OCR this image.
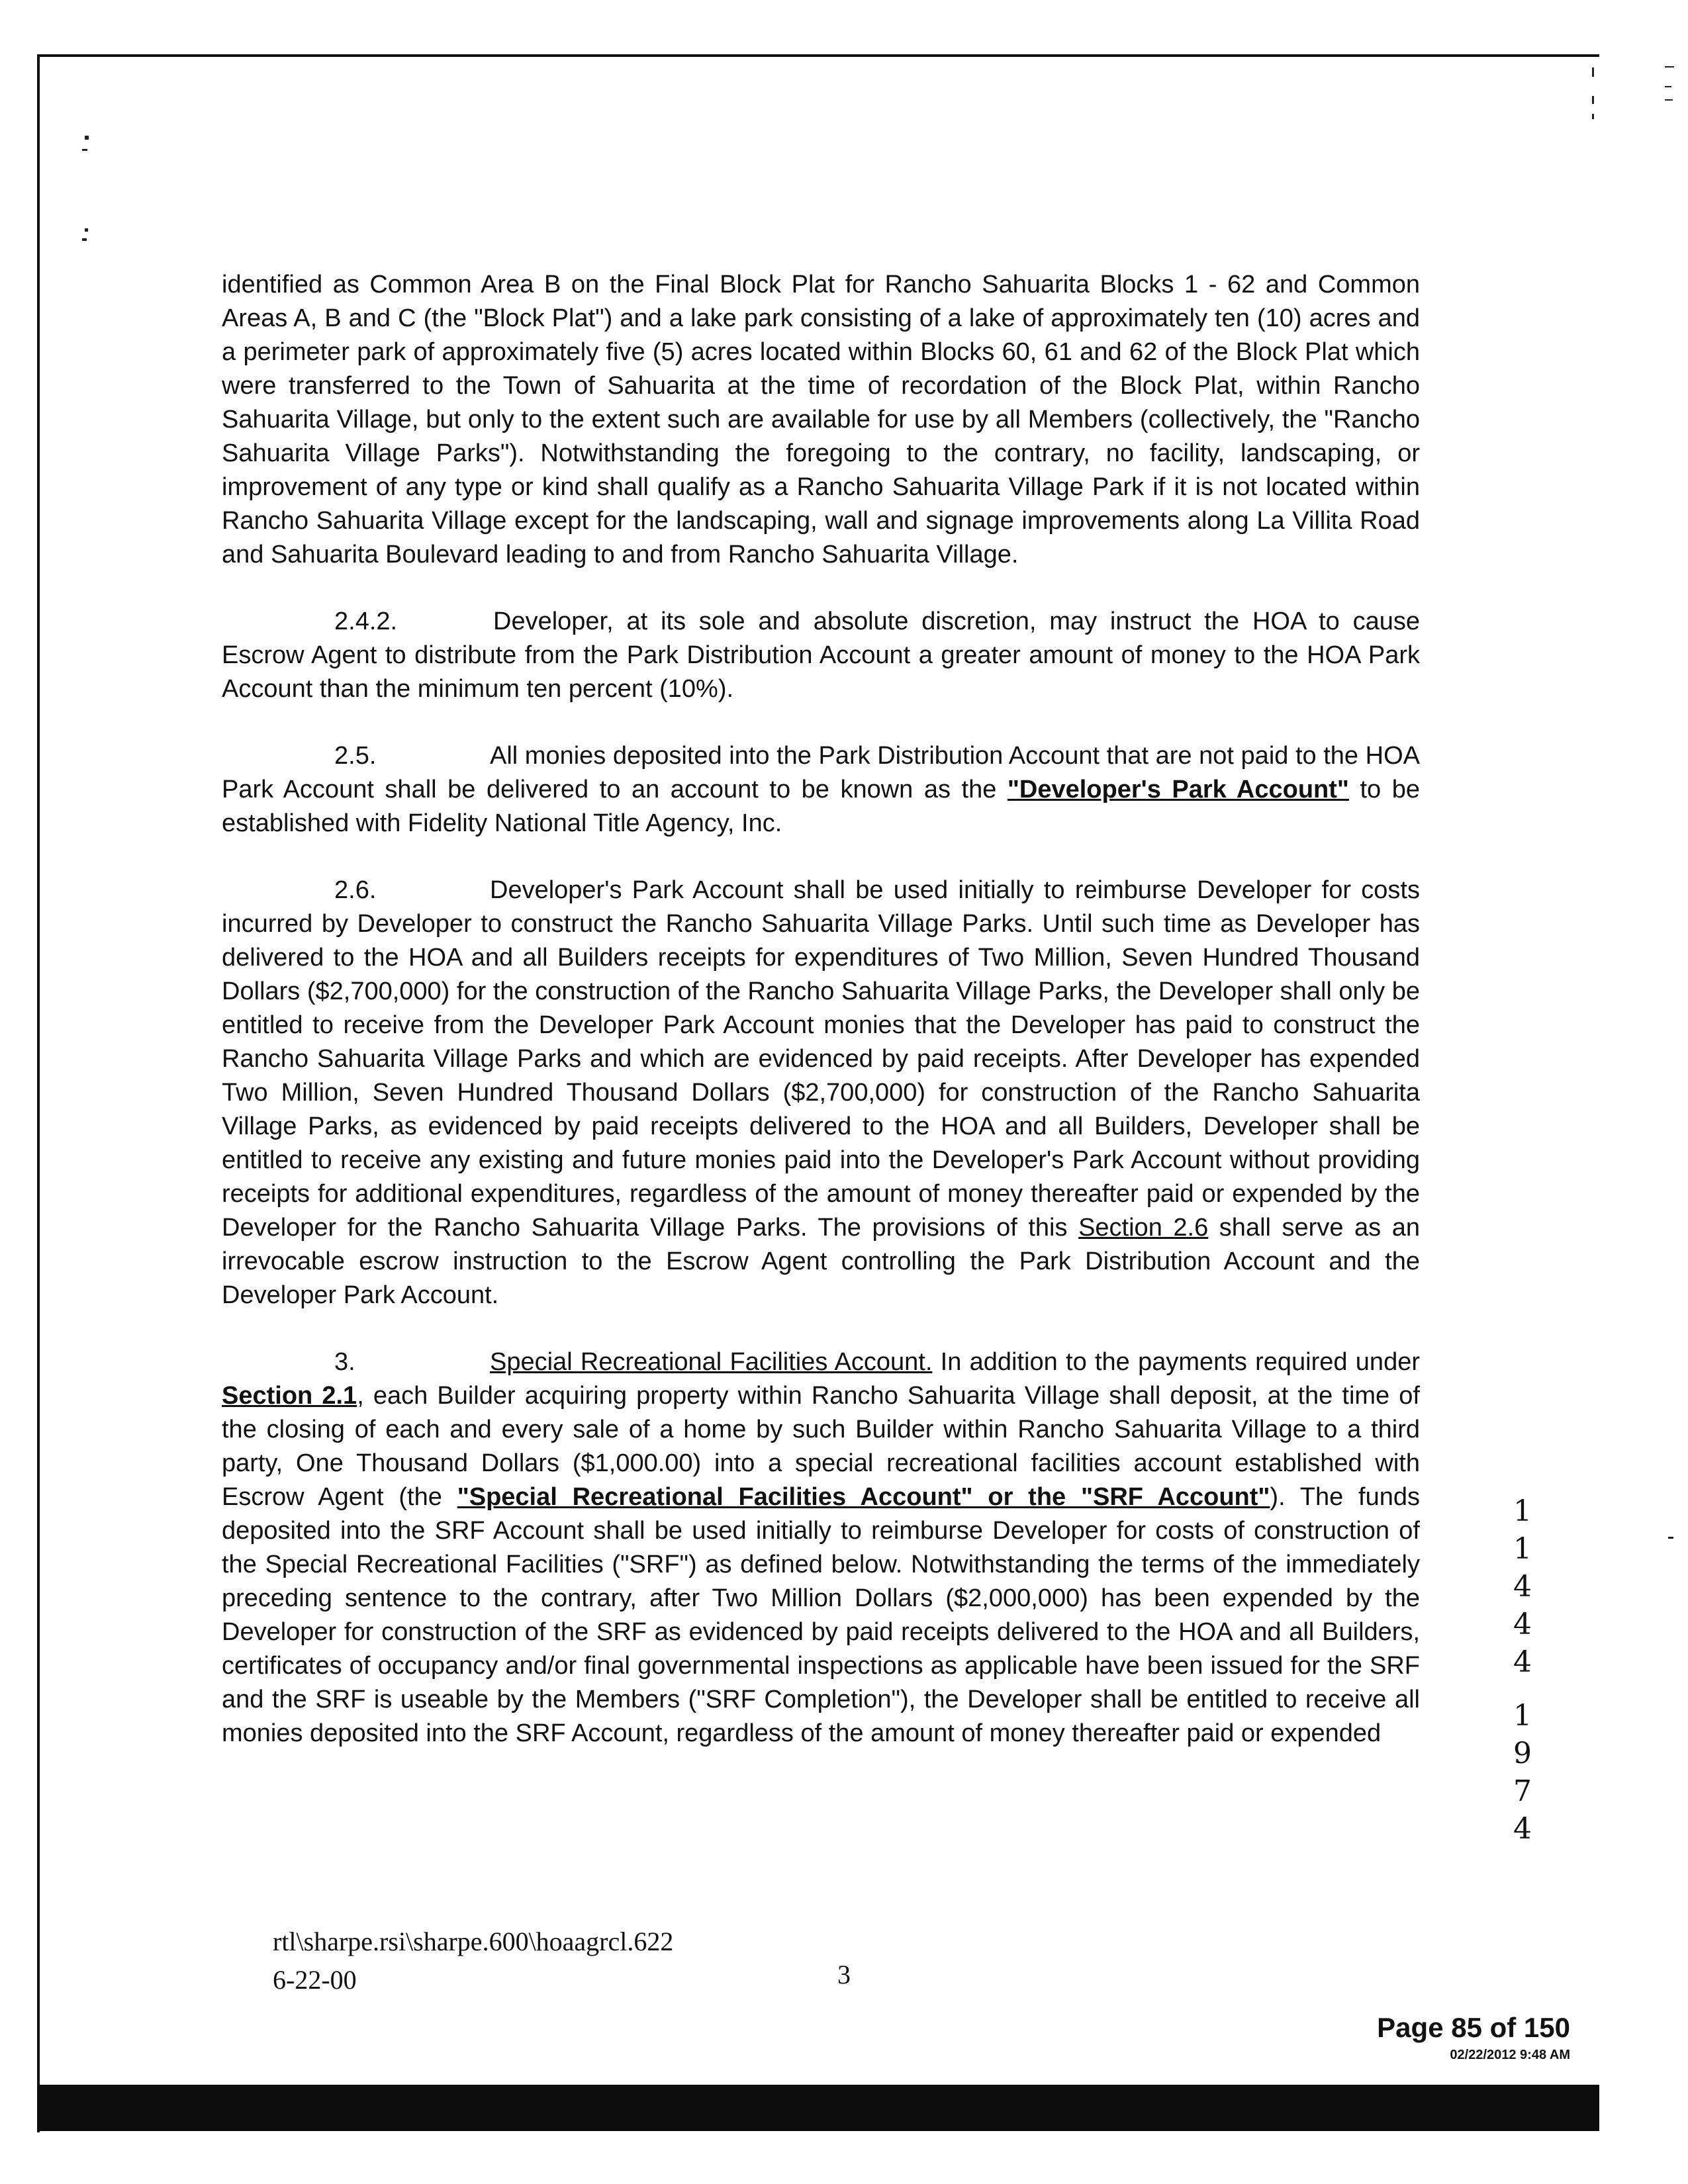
identified as Common Area B on the Final Block Plat for Rancho Sahuarita Blocks 1 - 62 and Common Areas A, B and C (the "Block Plat") and a lake park consisting of a lake of approximately ten (10) acres and a perimeter park of approximately five (5) acres located within Blocks 60, 61 and 62 of the Block Plat which were transferred to the Town of Sahuarita at the time of recordation of the Block Plat, within Rancho Sahuarita Village, but only to the extent such are available for use by all Members (collectively, the "Rancho Sahuarita Village Parks"). Notwithstanding the foregoing to the contrary, no facility, landscaping, or improvement of any type or kind shall qualify as a Rancho Sahuarita Village Park if it is not located within Rancho Sahuarita Village except for the landscaping, wall and signage improvements along La Villita Road and Sahuarita Boulevard leading to and from Rancho Sahuarita Village.

2.4.2.	Developer, at its sole and absolute discretion, may instruct the HOA to cause Escrow Agent to distribute from the Park Distribution Account a greater amount of money to the HOA Park Account than the minimum ten percent (10%).

2.5.	All monies deposited into the Park Distribution Account that are not paid to the HOA Park Account shall be delivered to an account to be known as the "Developer's Park Account" to be established with Fidelity National Title Agency, Inc.

2.6.	Developer's Park Account shall be used initially to reimburse Developer for costs incurred by Developer to construct the Rancho Sahuarita Village Parks. Until such time as Developer has delivered to the HOA and all Builders receipts for expenditures of Two Million, Seven Hundred Thousand Dollars ($2,700,000) for the construction of the Rancho Sahuarita Village Parks, the Developer shall only be entitled to receive from the Developer Park Account monies that the Developer has paid to construct the Rancho Sahuarita Village Parks and which are evidenced by paid receipts. After Developer has expended Two Million, Seven Hundred Thousand Dollars ($2,700,000) for construction of the Rancho Sahuarita Village Parks, as evidenced by paid receipts delivered to the HOA and all Builders, Developer shall be entitled to receive any existing and future monies paid into the Developer's Park Account without providing receipts for additional expenditures, regardless of the amount of money thereafter paid or expended by the Developer for the Rancho Sahuarita Village Parks. The provisions of this Section 2.6 shall serve as an irrevocable escrow instruction to the Escrow Agent controlling the Park Distribution Account and the Developer Park Account.

3.	Special Recreational Facilities Account. In addition to the payments required under Section 2.1, each Builder acquiring property within Rancho Sahuarita Village shall deposit, at the time of the closing of each and every sale of a home by such Builder within Rancho Sahuarita Village to a third party, One Thousand Dollars ($1,000.00) into a special recreational facilities account established with Escrow Agent (the "Special Recreational Facilities Account" or the "SRF Account"). The funds deposited into the SRF Account shall be used initially to reimburse Developer for costs of construction of the Special Recreational Facilities ("SRF") as defined below. Notwithstanding the terms of the immediately preceding sentence to the contrary, after Two Million Dollars ($2,000,000) has been expended by the Developer for construction of the SRF as evidenced by paid receipts delivered to the HOA and all Builders, certificates of occupancy and/or final governmental inspections as applicable have been issued for the SRF and the SRF is useable by the Members ("SRF Completion"), the Developer shall be entitled to receive all monies deposited into the SRF Account, regardless of the amount of money thereafter paid or expended

1
1
4
4
4
1
9
7
4
rtl\sharpe.rsi\sharpe.600\hoaagrcl.622
6-22-00	3
Page 85 of 150
02/22/2012 9:48 AM
